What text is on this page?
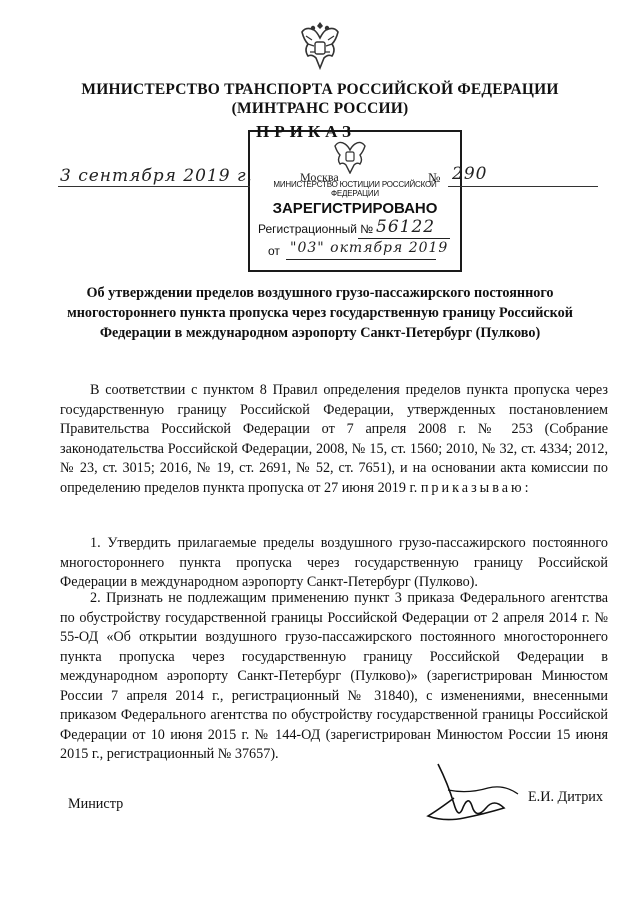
МИНИСТЕРСТВО ТРАНСПОРТА РОССИЙСКОЙ ФЕДЕРАЦИИ
(МИНТРАНС РОССИИ)
ПРИКАЗ
3 сентября 2019 г.	Москва
МИНИСТЕРСТВО ЮСТИЦИИ РОССИЙСКОЙ ФЕДЕРАЦИИ
№ 290
ЗАРЕГИСТРИРОВАНО
Регистрационный № 56122
от "03" октября 2019
Об утверждении пределов воздушного грузо-пассажирского постоянного многостороннего пункта пропуска через государственную границу Российской Федерации в международном аэропорту Санкт-Петербург (Пулково)
В соответствии с пунктом 8 Правил определения пределов пункта пропуска через государственную границу Российской Федерации, утвержденных постановлением Правительства Российской Федерации от 7 апреля 2008 г. № 253 (Собрание законодательства Российской Федерации, 2008, № 15, ст. 1560; 2010, № 32, ст. 4334; 2012, № 23, ст. 3015; 2016, № 19, ст. 2691, № 52, ст. 7651), и на основании акта комиссии по определению пределов пункта пропуска от 27 июня 2019 г. приказываю:
1. Утвердить прилагаемые пределы воздушного грузо-пассажирского постоянного многостороннего пункта пропуска через государственную границу Российской Федерации в международном аэропорту Санкт-Петербург (Пулково).
2. Признать не подлежащим применению пункт 3 приказа Федерального агентства по обустройству государственной границы Российской Федерации от 2 апреля 2014 г. № 55-ОД «Об открытии воздушного грузо-пассажирского постоянного многостороннего пункта пропуска через государственную границу Российской Федерации в международном аэропорту Санкт-Петербург (Пулково)» (зарегистрирован Минюстом России 7 апреля 2014 г., регистрационный № 31840), с изменениями, внесенными приказом Федерального агентства по обустройству государственной границы Российской Федерации от 10 июня 2015 г. № 144-ОД (зарегистрирован Минюстом России 15 июня 2015 г., регистрационный № 37657).
Министр	Е.И. Дитрих
